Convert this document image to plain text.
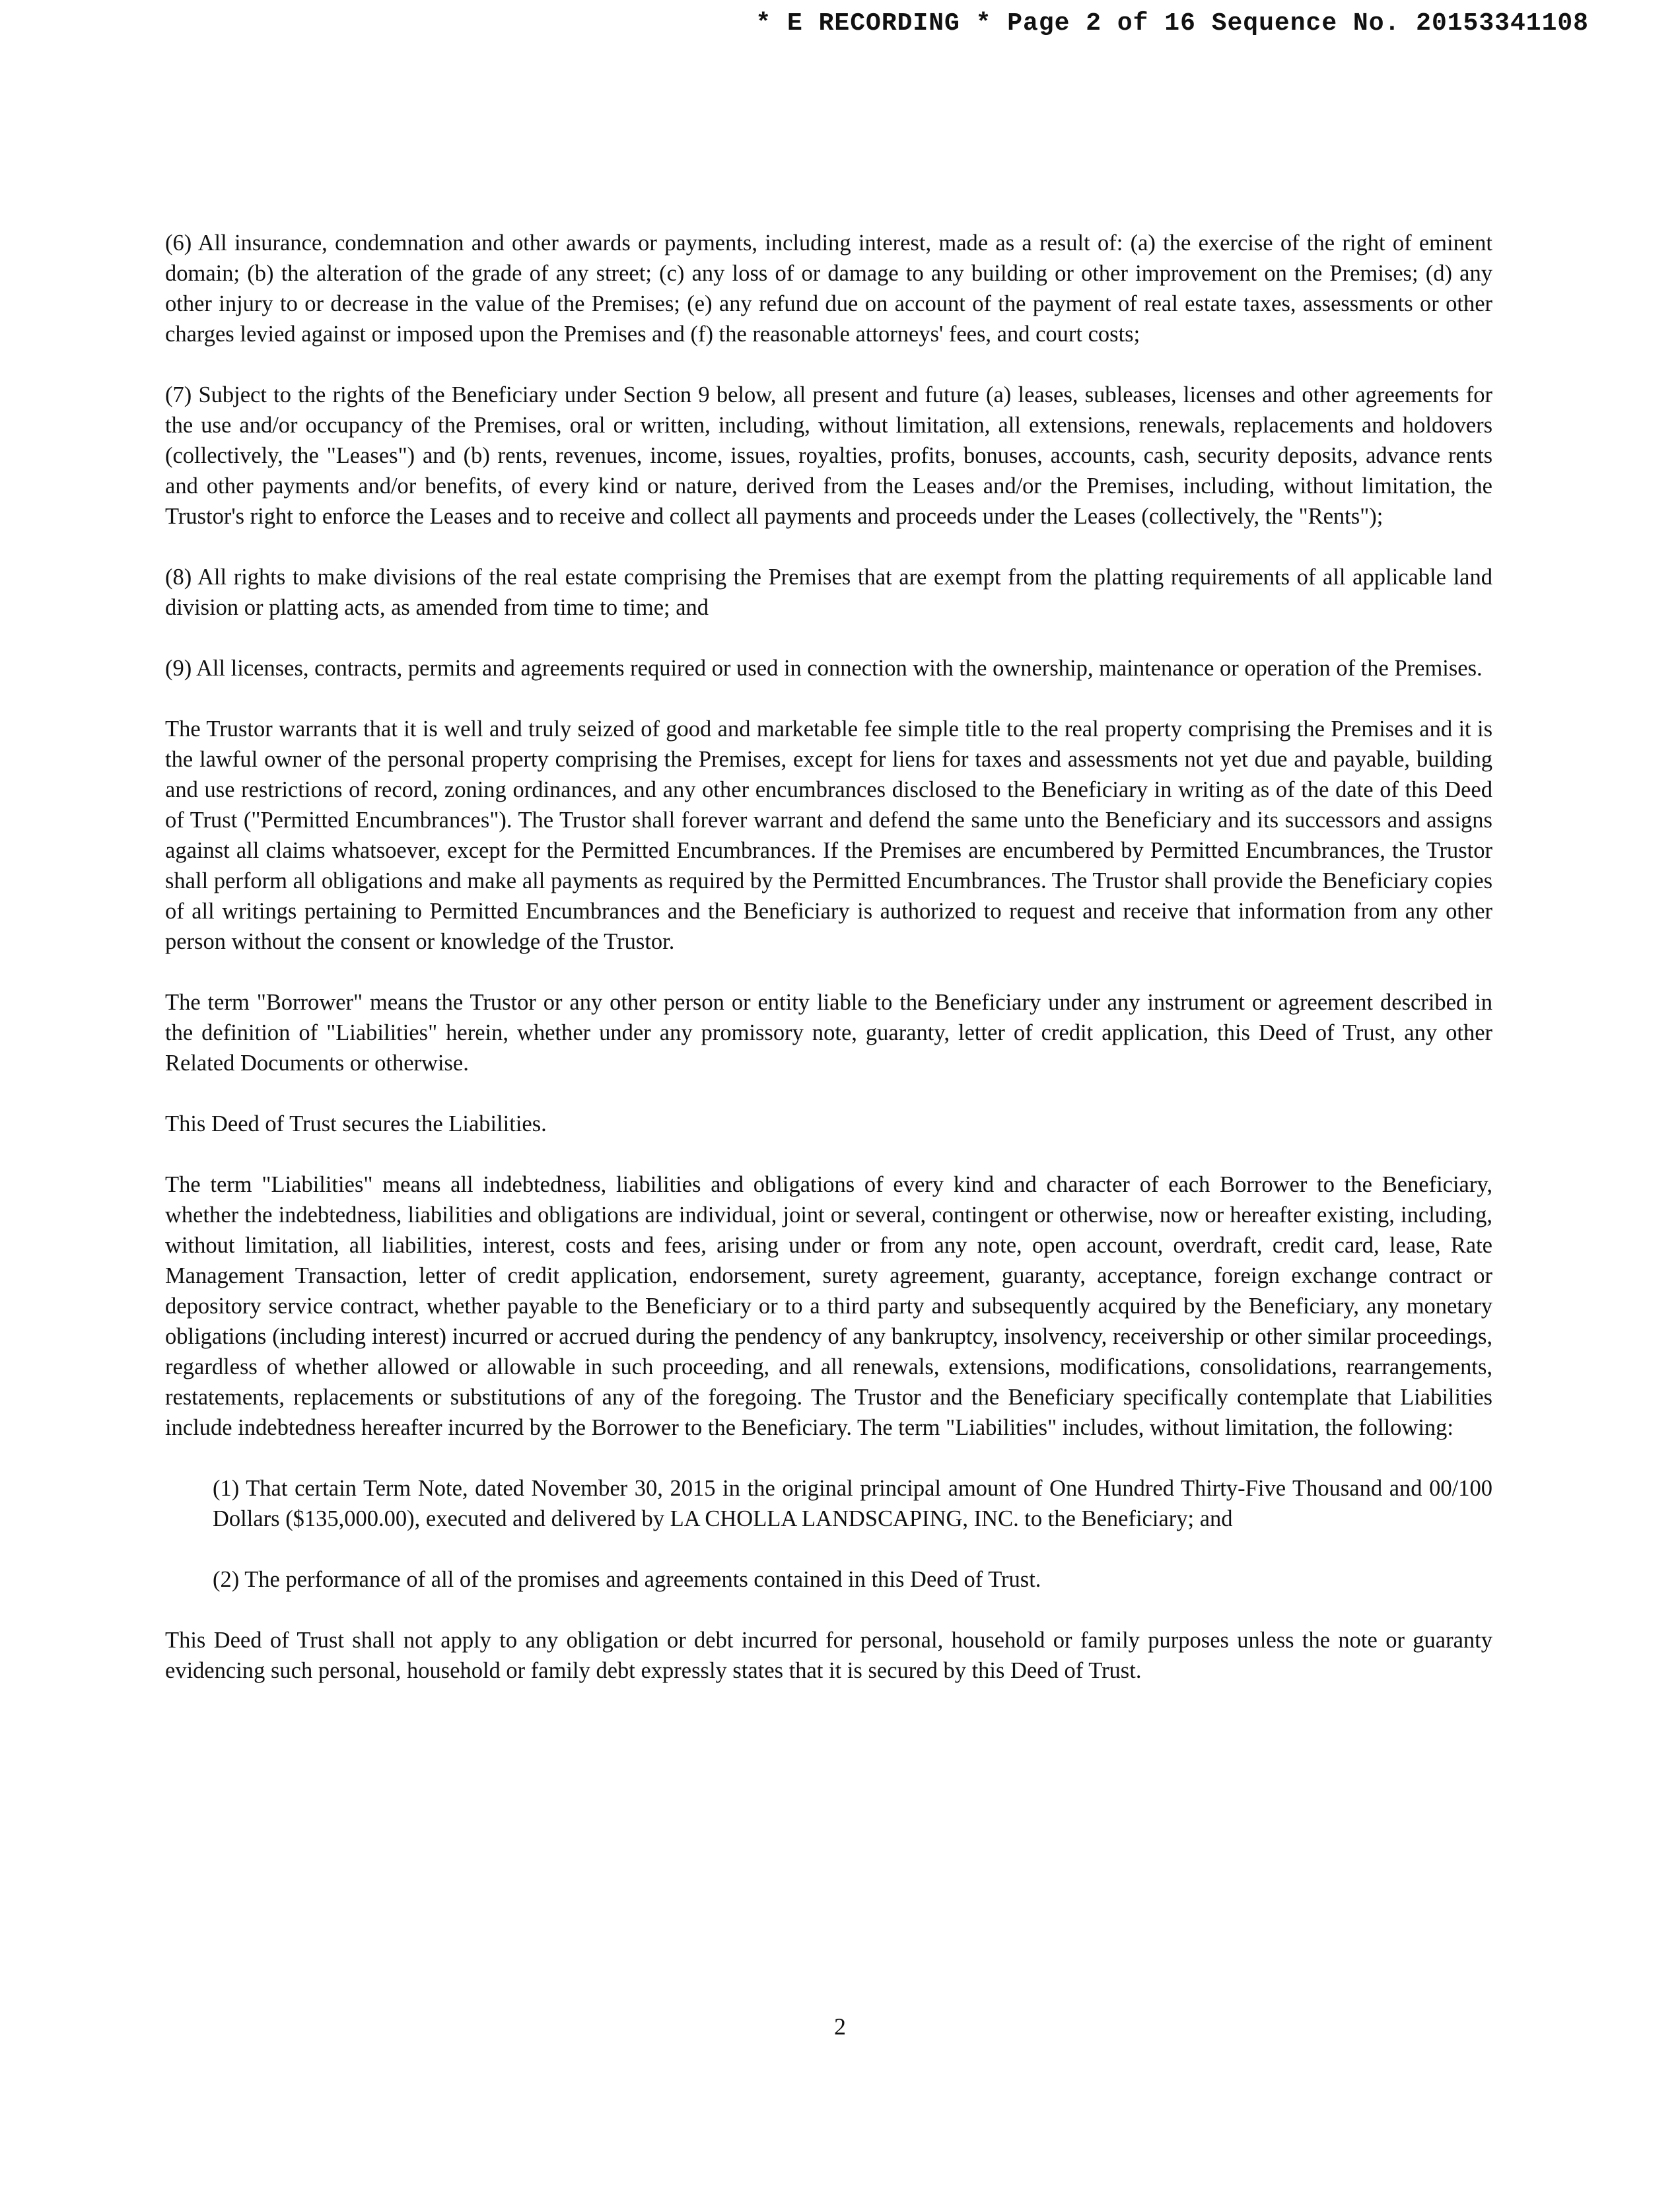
* E RECORDING * Page 2 of 16 Sequence No. 20153341108

(6) All insurance, condemnation and other awards or payments, including interest, made as a result of: (a) the exercise of the right of eminent domain; (b) the alteration of the grade of any street; (c) any loss of or damage to any building or other improvement on the Premises; (d) any other injury to or decrease in the value of the Premises; (e) any refund due on account of the payment of real estate taxes, assessments or other charges levied against or imposed upon the Premises and (f) the reasonable attorneys' fees, and court costs;

(7) Subject to the rights of the Beneficiary under Section 9 below, all present and future (a) leases, subleases, licenses and other agreements for the use and/or occupancy of the Premises, oral or written, including, without limitation, all extensions, renewals, replacements and holdovers (collectively, the "Leases") and (b) rents, revenues, income, issues, royalties, profits, bonuses, accounts, cash, security deposits, advance rents and other payments and/or benefits, of every kind or nature, derived from the Leases and/or the Premises, including, without limitation, the Trustor's right to enforce the Leases and to receive and collect all payments and proceeds under the Leases (collectively, the "Rents");

(8) All rights to make divisions of the real estate comprising the Premises that are exempt from the platting requirements of all applicable land division or platting acts, as amended from time to time; and

(9) All licenses, contracts, permits and agreements required or used in connection with the ownership, maintenance or operation of the Premises.

The Trustor warrants that it is well and truly seized of good and marketable fee simple title to the real property comprising the Premises and it is the lawful owner of the personal property comprising the Premises, except for liens for taxes and assessments not yet due and payable, building and use restrictions of record, zoning ordinances, and any other encumbrances disclosed to the Beneficiary in writing as of the date of this Deed of Trust ("Permitted Encumbrances"). The Trustor shall forever warrant and defend the same unto the Beneficiary and its successors and assigns against all claims whatsoever, except for the Permitted Encumbrances. If the Premises are encumbered by Permitted Encumbrances, the Trustor shall perform all obligations and make all payments as required by the Permitted Encumbrances. The Trustor shall provide the Beneficiary copies of all writings pertaining to Permitted Encumbrances and the Beneficiary is authorized to request and receive that information from any other person without the consent or knowledge of the Trustor.

The term "Borrower" means the Trustor or any other person or entity liable to the Beneficiary under any instrument or agreement described in the definition of "Liabilities" herein, whether under any promissory note, guaranty, letter of credit application, this Deed of Trust, any other Related Documents or otherwise.

This Deed of Trust secures the Liabilities.

The term "Liabilities" means all indebtedness, liabilities and obligations of every kind and character of each Borrower to the Beneficiary, whether the indebtedness, liabilities and obligations are individual, joint or several, contingent or otherwise, now or hereafter existing, including, without limitation, all liabilities, interest, costs and fees, arising under or from any note, open account, overdraft, credit card, lease, Rate Management Transaction, letter of credit application, endorsement, surety agreement, guaranty, acceptance, foreign exchange contract or depository service contract, whether payable to the Beneficiary or to a third party and subsequently acquired by the Beneficiary, any monetary obligations (including interest) incurred or accrued during the pendency of any bankruptcy, insolvency, receivership or other similar proceedings, regardless of whether allowed or allowable in such proceeding, and all renewals, extensions, modifications, consolidations, rearrangements, restatements, replacements or substitutions of any of the foregoing. The Trustor and the Beneficiary specifically contemplate that Liabilities include indebtedness hereafter incurred by the Borrower to the Beneficiary. The term "Liabilities" includes, without limitation, the following:

(1) That certain Term Note, dated November 30, 2015 in the original principal amount of One Hundred Thirty-Five Thousand and 00/100 Dollars ($135,000.00), executed and delivered by LA CHOLLA LANDSCAPING, INC. to the Beneficiary; and

(2) The performance of all of the promises and agreements contained in this Deed of Trust.

This Deed of Trust shall not apply to any obligation or debt incurred for personal, household or family purposes unless the note or guaranty evidencing such personal, household or family debt expressly states that it is secured by this Deed of Trust.

2
